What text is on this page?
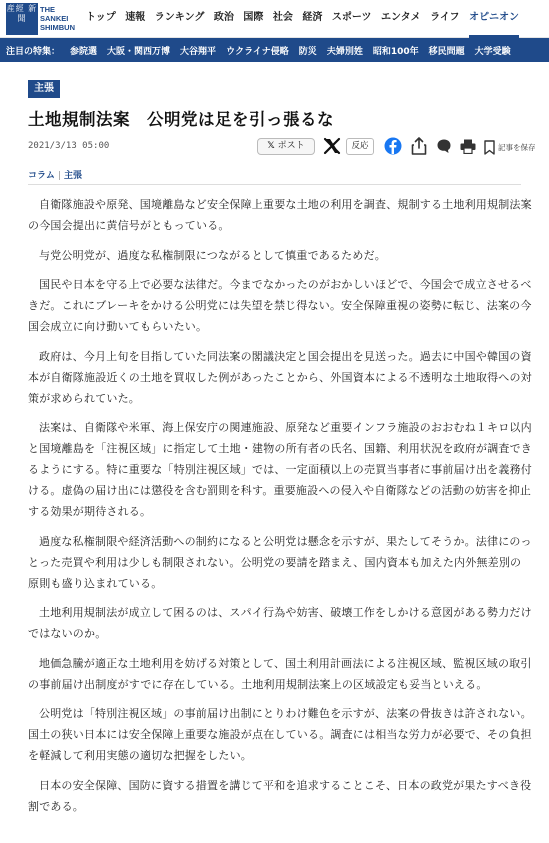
産經 新聞
THE
SANKEI
SHIMBUN
トップ 速報 ランキング 政治 国際 社会 経済 スポーツ エンタメ ライフ オピニオン
注目の特集： 参院選 大阪・関西万博 大谷翔平 ウクライナ侵略 防災 夫婦別姓 昭和100年 移民問題 大学受験
主張
土地規制法案　公明党は足を引っ張るな
2021/3/13 05:00	𝕏 ポスト	反応	記事を保存
コラム | 主張

自衛隊施設や原発、国境離島など安全保障上重要な土地の利用を調査、規制する土地利用規制法案の今国会提出に黄信号がともっている。

与党公明党が、過度な私権制限につながるとして慎重であるためだ。

国民や日本を守る上で必要な法律だ。今までなかったのがおかしいほどで、今国会で成立させるべきだ。これにブレーキをかける公明党には失望を禁じ得ない。安全保障重視の姿勢に転じ、法案の今国会成立に向け動いてもらいたい。

政府は、今月上旬を目指していた同法案の閣議決定と国会提出を見送った。過去に中国や韓国の資本が自衛隊施設近くの土地を買収した例があったことから、外国資本による不透明な土地取得への対策が求められていた。

法案は、自衛隊や米軍、海上保安庁の関連施設、原発など重要インフラ施設のおおむね１キロ以内と国境離島を「注視区域」に指定して土地・建物の所有者の氏名、国籍、利用状況を政府が調査できるようにする。特に重要な「特別注視区域」では、一定面積以上の売買当事者に事前届け出を義務付ける。虚偽の届け出には懲役を含む罰則を科す。重要施設への侵入や自衛隊などの活動の妨害を抑止する効果が期待される。

過度な私権制限や経済活動への制約になると公明党は懸念を示すが、果たしてそうか。法律にのっとった売買や利用は少しも制限されない。公明党の要請を踏まえ、国内資本も加えた内外無差別の原則も盛り込まれている。

土地利用規制法が成立して困るのは、スパイ行為や妨害、破壊工作をしかける意図がある勢力だけではないのか。

地価急騰が適正な土地利用を妨げる対策として、国土利用計画法による注視区域、監視区域の取引の事前届け出制度がすでに存在している。土地利用規制法案上の区域設定も妥当といえる。

公明党は「特別注視区域」の事前届け出制にとりわけ難色を示すが、法案の骨抜きは許されない。国土の狭い日本には安全保障上重要な施設が点在している。調査には相当な労力が必要で、その負担を軽減して利用実態の適切な把握をしたい。

日本の安全保障、国防に資する措置を講じて平和を追求することこそ、日本の政党が果たすべき役割である。
